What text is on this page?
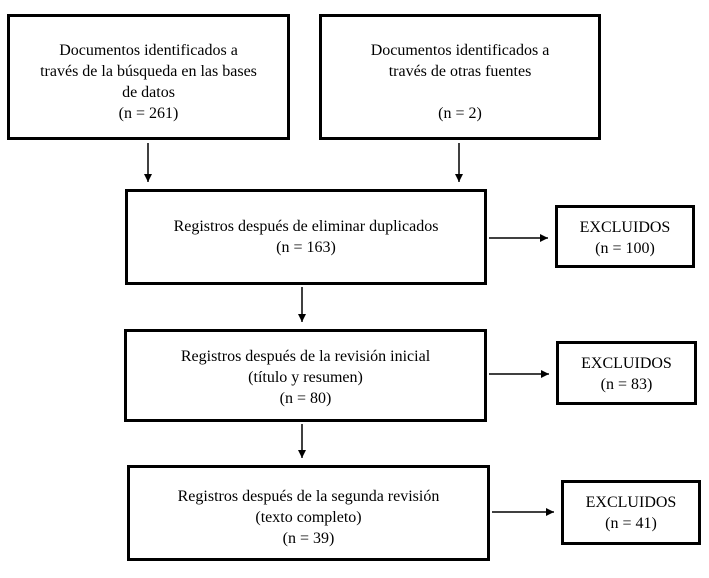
Documentos identificados a
través de la búsqueda en las bases
de datos
(n = 261)
Documentos identificados a
través de otras fuentes
(n = 2)
Registros después de eliminar duplicados
(n = 163)
EXCLUIDOS
(n = 100)
Registros después de la revisión inicial
(título y resumen)
(n = 80)
EXCLUIDOS
(n = 83)
Registros después de la segunda revisión
(texto completo)
(n = 39)
EXCLUIDOS
(n = 41)
